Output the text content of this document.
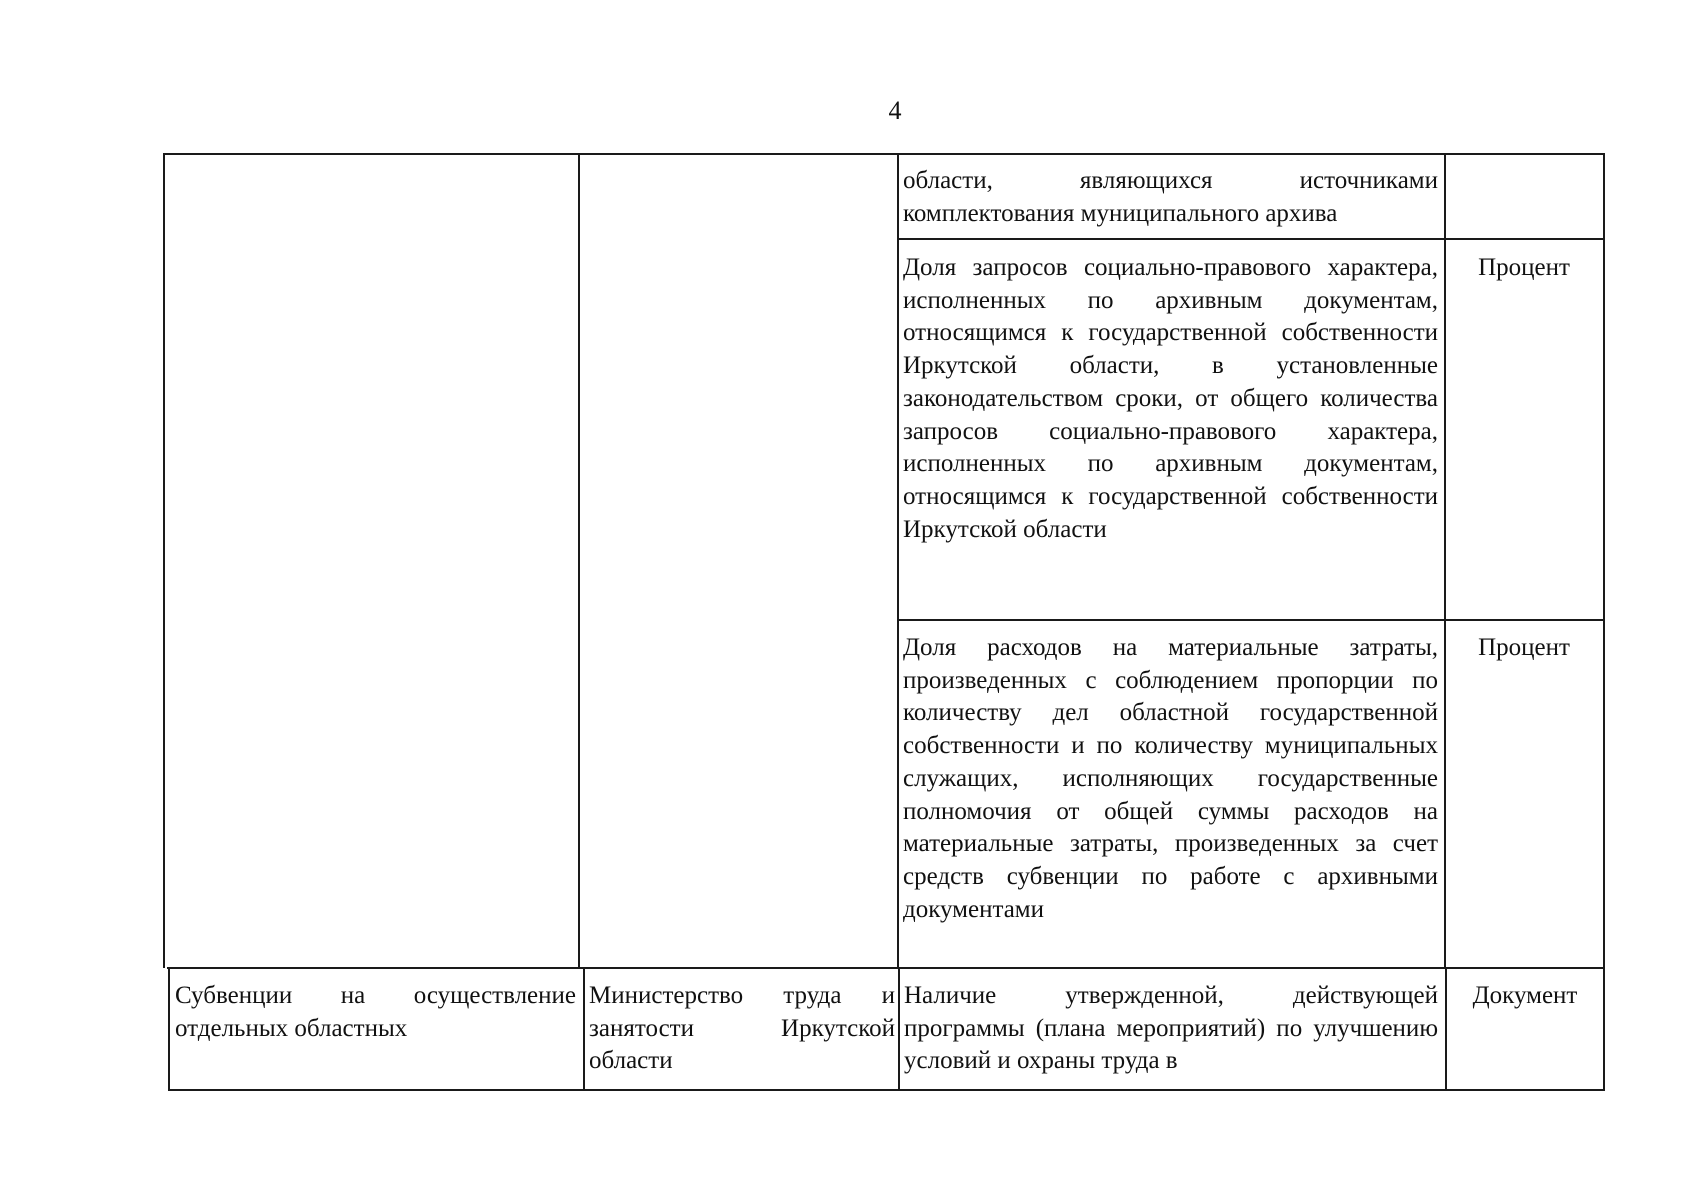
4
области, являющихся источниками комплектования муниципального архива
Доля запросов социально-правового характера, исполненных по архивным документам, относящимся к государственной собственности Иркутской области, в установленные законодательством сроки, от общего количества запросов социально-правового характера, исполненных по архивным документам, относящимся к государственной собственности Иркутской области
Процент
Доля расходов на материальные затраты, произведенных с соблюдением пропорции по количеству дел областной государственной собственности и по количеству муниципальных служащих, исполняющих государственные полномочия от общей суммы расходов на материальные затраты, произведенных за счет средств субвенции по работе с архивными документами
Процент
Субвенции на осуществление отдельных областных
Министерство труда и занятости Иркутской области
Наличие утвержденной, действующей программы (плана мероприятий) по улучшению условий и охраны труда в
Документ
